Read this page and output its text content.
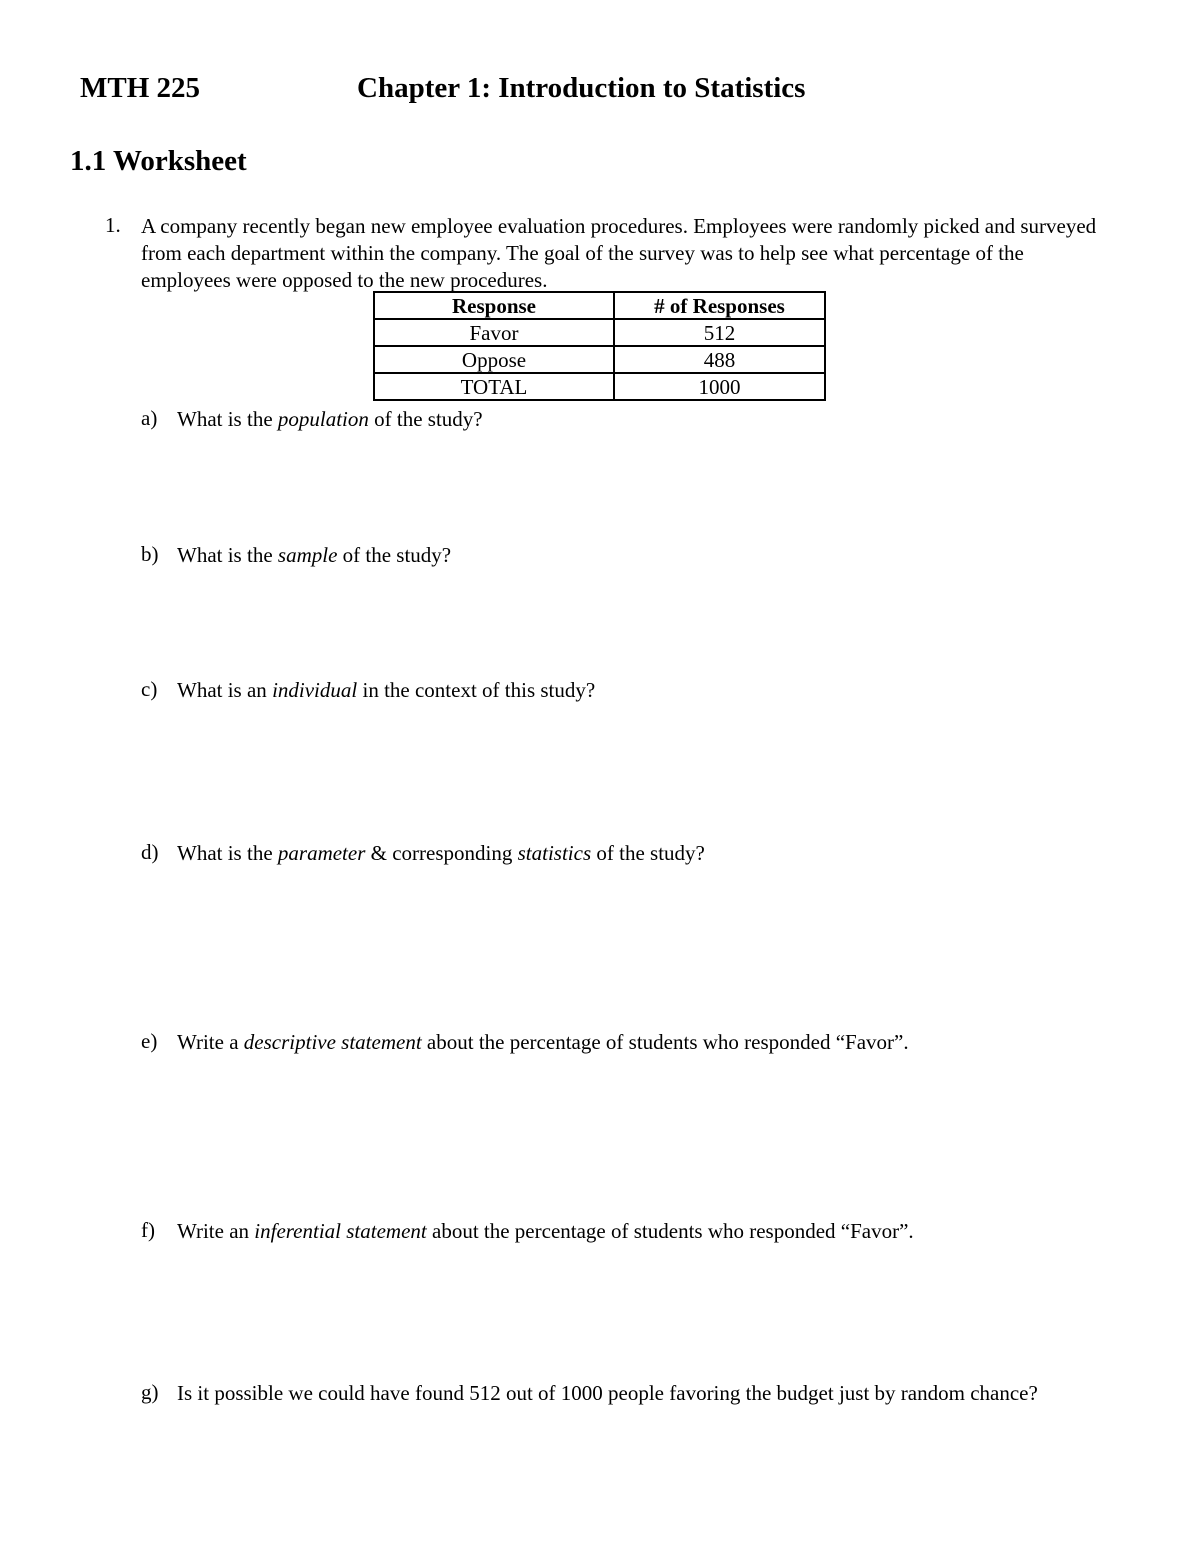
MTH 225	Chapter 1: Introduction to Statistics
1.1 Worksheet
1. A company recently began new employee evaluation procedures. Employees were randomly picked and surveyed from each department within the company. The goal of the survey was to help see what percentage of the employees were opposed to the new procedures.
Response	# of Responses
Favor	512
Oppose	488
TOTAL	1000
a) What is the population of the study?
b) What is the sample of the study?
c) What is an individual in the context of this study?
d) What is the parameter & corresponding statistics of the study?
e) Write a descriptive statement about the percentage of students who responded “Favor”.
f) Write an inferential statement about the percentage of students who responded “Favor”.
g) Is it possible we could have found 512 out of 1000 people favoring the budget just by random chance?
